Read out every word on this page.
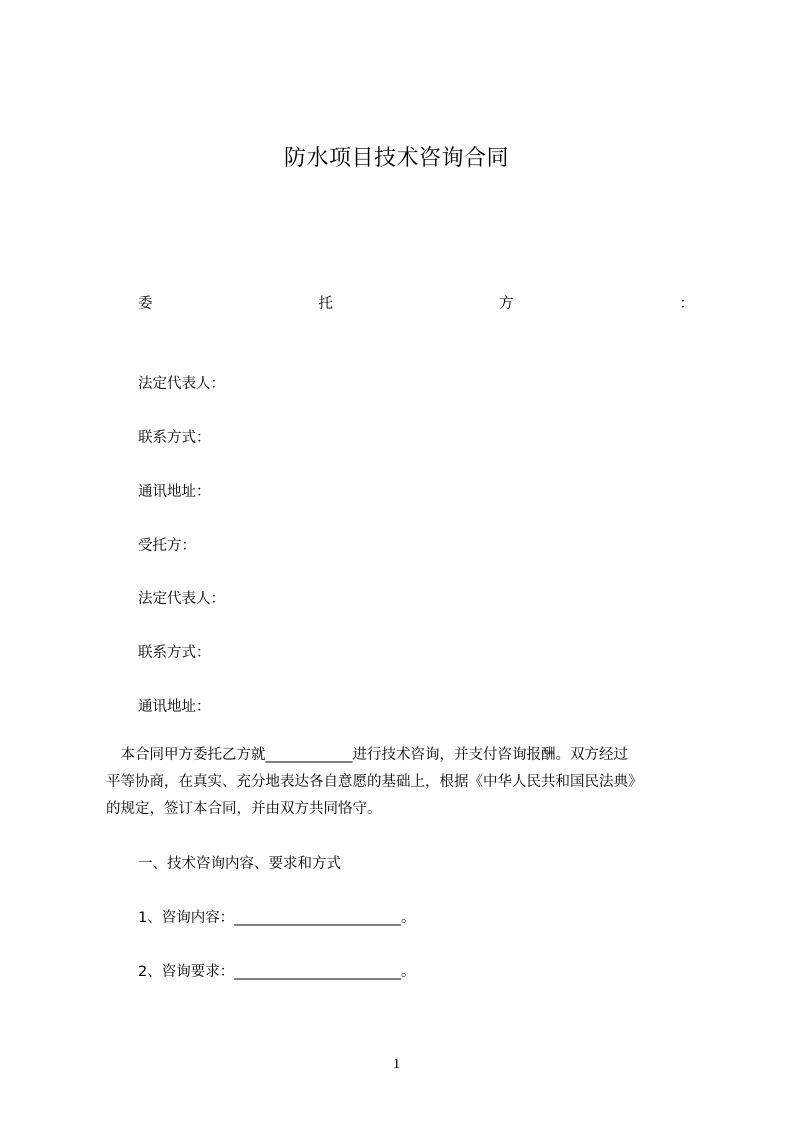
防水项目技术咨询合同
委	托	方	：
法定代表人：
联系方式：
通讯地址：
受托方：
法定代表人：
联系方式：
通讯地址：
　本合同甲方委托乙方就____________进行技术咨询，并支付咨询报酬。双方经过
平等协商，在真实、充分地表达各自意愿的基础上，根据《中华人民共和国民法典》
的规定，签订本合同，并由双方共同恪守。
一、技术咨询内容、要求和方式
1、咨询内容：_______________________。
2、咨询要求：_______________________。
1
